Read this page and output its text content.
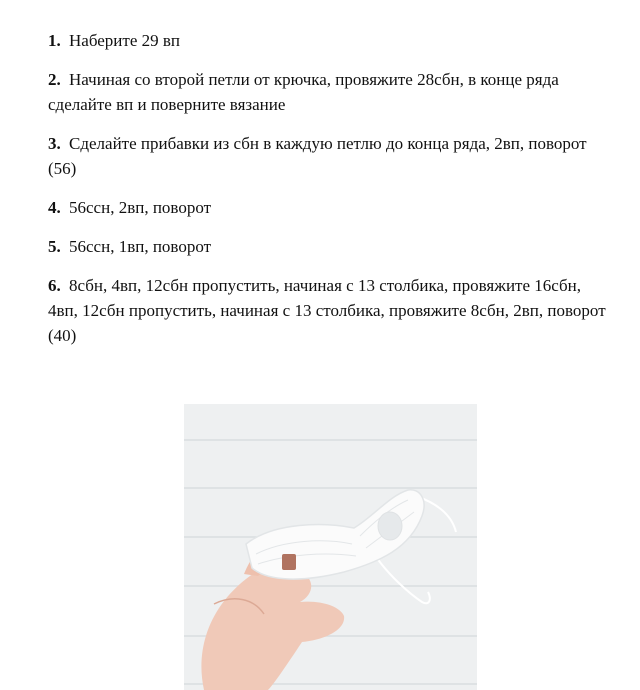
1. Наберите 29 вп
2. Начиная со второй петли от крючка, провяжите 28сбн, в конце ряда сделайте вп и поверните вязание
3. Сделайте прибавки из сбн в каждую петлю до конца ряда, 2вп, поворот (56)
4. 56ссн, 2вп, поворот
5. 56ссн, 1вп, поворот
6. 8сбн, 4вп, 12сбн пропустить, начиная с 13 столбика, провяжите 16сбн, 4вп, 12сбн пропустить, начиная с 13 столбика, провяжите 8сбн, 2вп, поворот (40)
